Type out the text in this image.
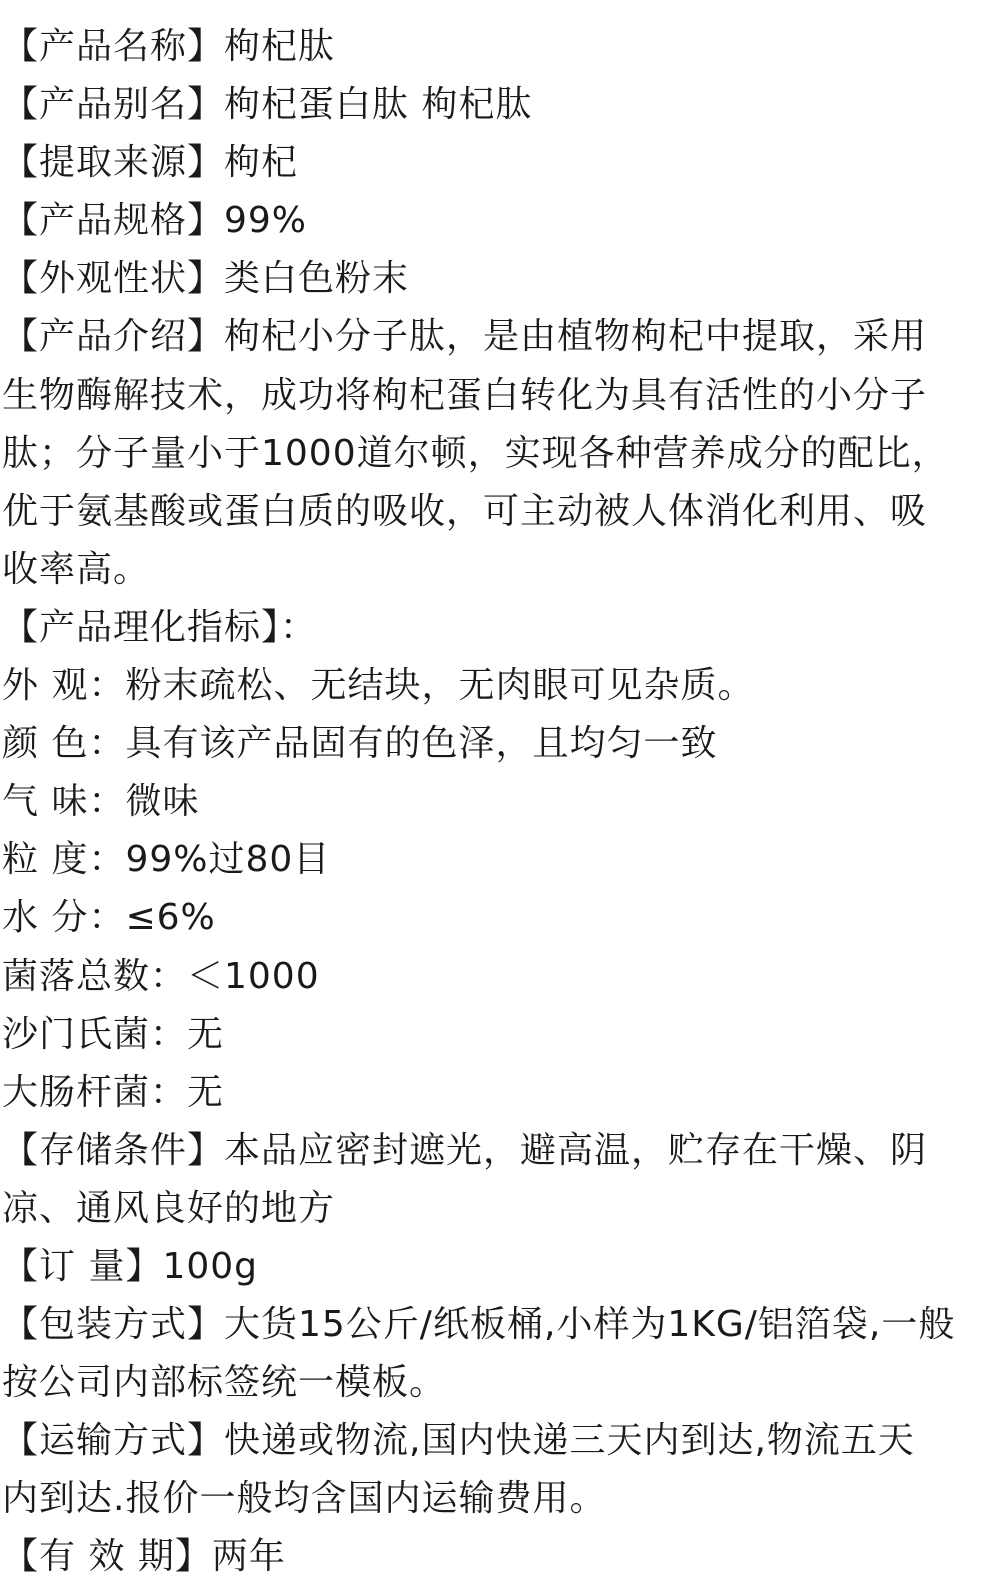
【产品名称】枸杞肽
【产品别名】枸杞蛋白肽 枸杞肽
【提取来源】枸杞
【产品规格】99%
【外观性状】类白色粉末
【产品介绍】枸杞小分子肽，是由植物枸杞中提取，采用
生物酶解技术，成功将枸杞蛋白转化为具有活性的小分子
肽；分子量小于1000道尔顿，实现各种营养成分的配比，
优于氨基酸或蛋白质的吸收，可主动被人体消化利用、吸
收率高。
【产品理化指标】：
外 观：粉末疏松、无结块，无肉眼可见杂质。
颜 色：具有该产品固有的色泽，且均匀一致
气 味：微味
粒 度：99%过80目
水 分：≤6%
菌落总数：＜1000
沙门氏菌：无
大肠杆菌：无
【存储条件】本品应密封遮光，避高温，贮存在干燥、阴
凉、通风良好的地方
【订 量】100g
【包装方式】大货15公斤/纸板桶,小样为1KG/铝箔袋,一般
按公司内部标签统一模板。
【运输方式】快递或物流,国内快递三天内到达,物流五天
内到达.报价一般均含国内运输费用。
【有 效 期】两年
